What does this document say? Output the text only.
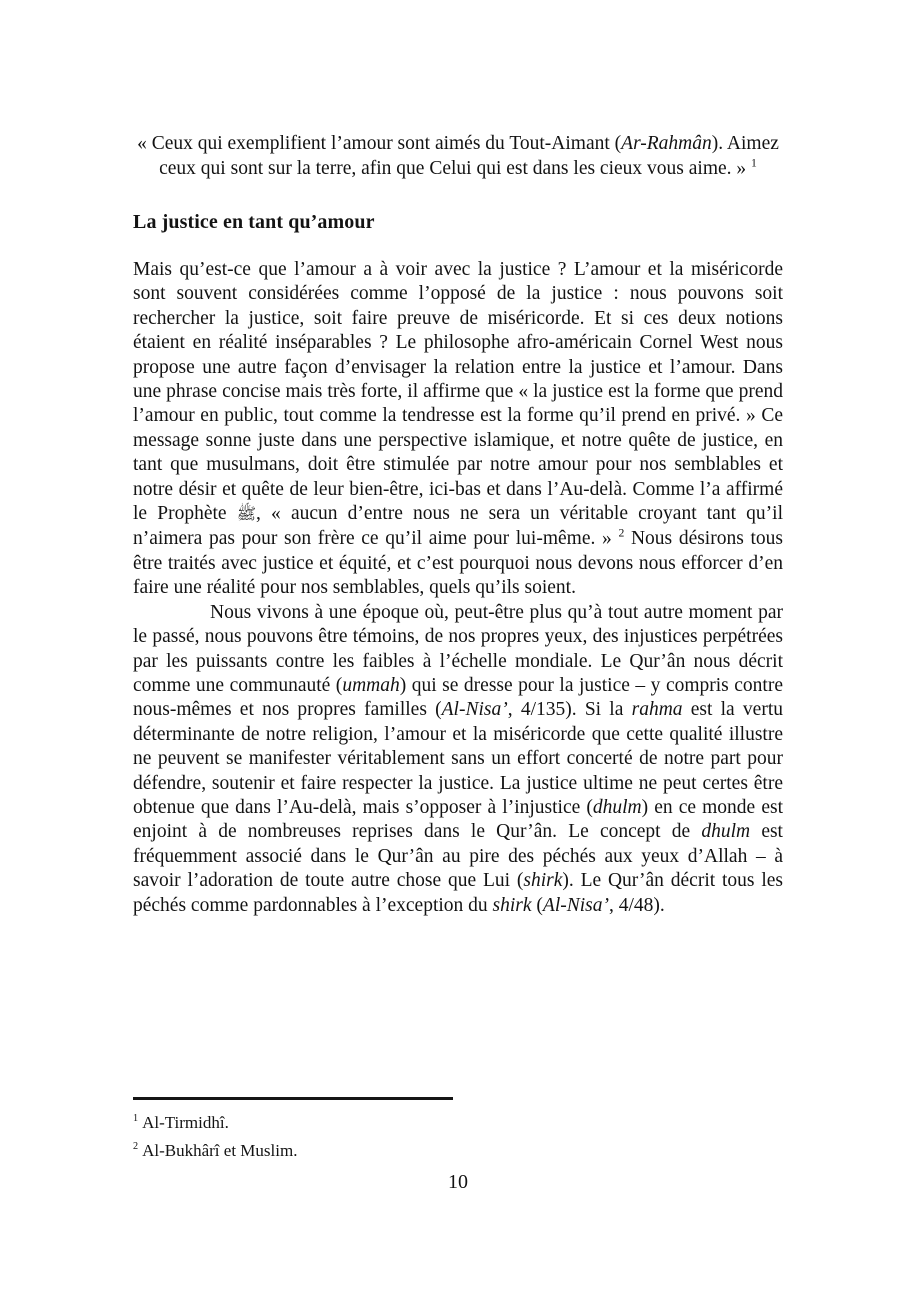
« Ceux qui exemplifient l’amour sont aimés du Tout-Aimant (Ar-Rahmân). Aimez ceux qui sont sur la terre, afin que Celui qui est dans les cieux vous aime. » $^1$
La justice en tant qu’amour

Mais qu’est-ce que l’amour a à voir avec la justice ? L’amour et la miséricorde sont souvent considérées comme l’opposé de la justice : nous pouvons soit rechercher la justice, soit faire preuve de miséricorde. Et si ces deux notions étaient en réalité inséparables ? Le philosophe afro-américain Cornel West nous propose une autre façon d’envisager la relation entre la justice et l’amour. Dans une phrase concise mais très forte, il affirme que « la justice est la forme que prend l’amour en public, tout comme la tendresse est la forme qu’il prend en privé. » Ce message sonne juste dans une perspective islamique, et notre quête de justice, en tant que musulmans, doit être stimulée par notre amour pour nos semblables et notre désir et quête de leur bien-être, ici-bas et dans l’Au-delà. Comme l’a affirmé le Prophète ﷺ, « aucun d’entre nous ne sera un véritable croyant tant qu’il n’aimera pas pour son frère ce qu’il aime pour lui-même. » $^2$ Nous désirons tous être traités avec justice et équité, et c’est pourquoi nous devons nous efforcer d’en faire une réalité pour nos semblables, quels qu’ils soient.

Nous vivons à une époque où, peut-être plus qu’à tout autre moment par le passé, nous pouvons être témoins, de nos propres yeux, des injustices perpétrées par les puissants contre les faibles à l’échelle mondiale. Le Qur’ân nous décrit comme une communauté (ummah) qui se dresse pour la justice – y compris contre nous-mêmes et nos propres familles (Al-Nisa’, 4/135). Si la rahma est la vertu déterminante de notre religion, l’amour et la miséricorde que cette qualité illustre ne peuvent se manifester véritablement sans un effort concerté de notre part pour défendre, soutenir et faire respecter la justice. La justice ultime ne peut certes être obtenue que dans l’Au-delà, mais s’opposer à l’injustice (dhulm) en ce monde est enjoint à de nombreuses reprises dans le Qur’ân. Le concept de dhulm est fréquemment associé dans le Qur’ân au pire des péchés aux yeux d’Allah – à savoir l’adoration de toute autre chose que Lui (shirk). Le Qur’ân décrit tous les péchés comme pardonnables à l’exception du shirk (Al-Nisa’, 4/48).

$^1$ Al-Tirmidhî.
$^2$ Al-Bukhârî et Muslim.
10
